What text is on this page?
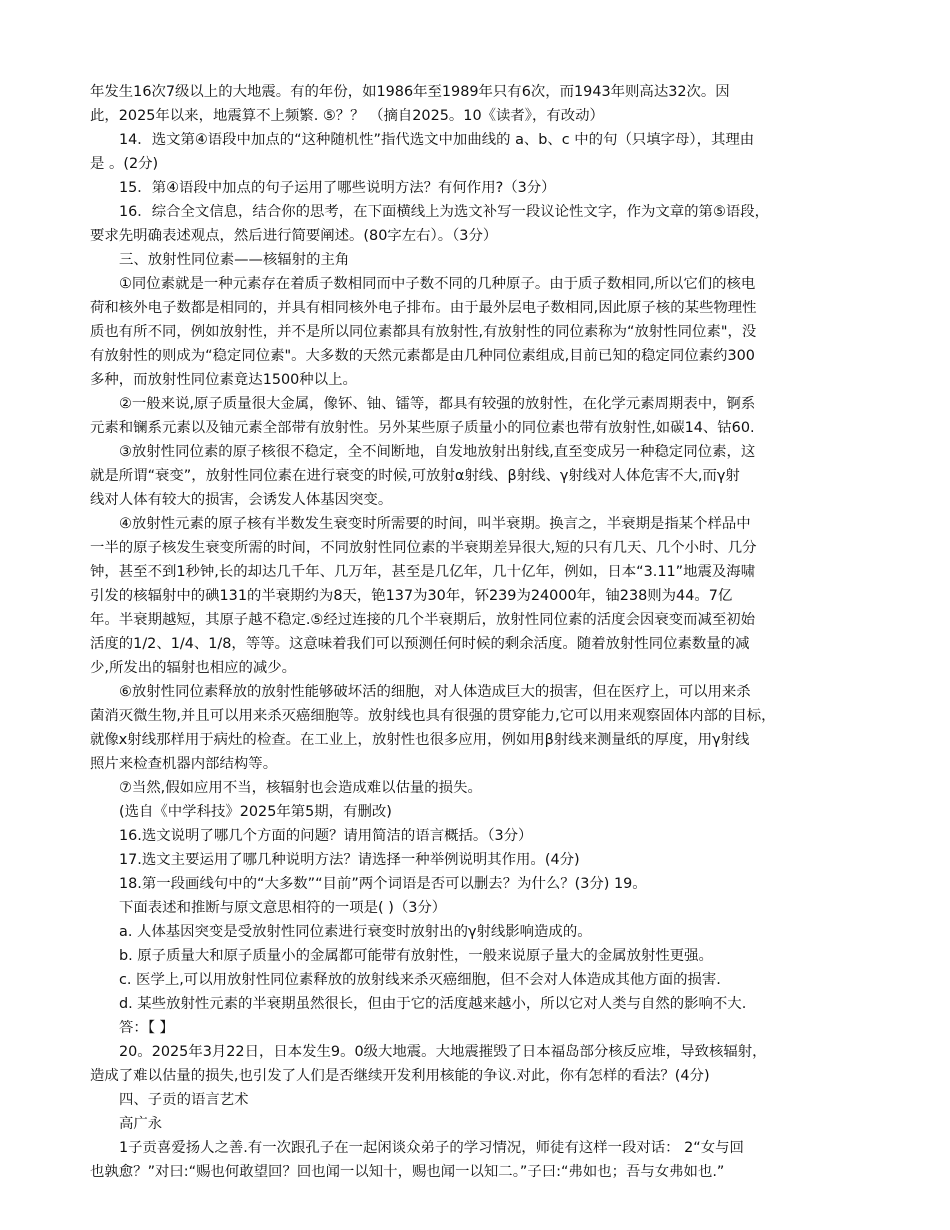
年发生16次7级以上的大地震。有的年份，如1986年至1989年只有6次，而1943年则高达32次。因
此，2025年以来，地震算不上频繁. ⑤？？ （摘自2025。10《读者》，有改动）
14．选文第④语段中加点的“这种随机性”指代选文中加曲线的 a、b、c 中的句（只填字母），其理由
是 。(2分)
15．第④语段中加点的句子运用了哪些说明方法？有何作用?（3分）
16．综合全文信息，结合你的思考，在下面横线上为选文补写一段议论性文字，作为文章的第⑤语段，
要求先明确表述观点，然后进行简要阐述。(80字左右）。（3分）
三、放射性同位素——核辐射的主角
①同位素就是一种元素存在着质子数相同而中子数不同的几种原子。由于质子数相同,所以它们的核电
荷和核外电子数都是相同的，并具有相同核外电子排布。由于最外层电子数相同,因此原子核的某些物理性
质也有所不同，例如放射性，并不是所以同位素都具有放射性,有放射性的同位素称为“放射性同位素"，没
有放射性的则成为“稳定同位素"。大多数的天然元素都是由几种同位素组成,目前已知的稳定同位素约300
多种，而放射性同位素竟达1500种以上。
②一般来说,原子质量很大金属，像钚、铀、镭等，都具有较强的放射性，在化学元素周期表中，锕系
元素和镧系元素以及铀元素全部带有放射性。另外某些原子质量小的同位素也带有放射性,如碳14、钴60.
③放射性同位素的原子核很不稳定，全不间断地，自发地放射出射线,直至变成另一种稳定同位素，这
就是所谓“衰变”，放射性同位素在进行衰变的时候,可放射α射线、β射线、γ射线对人体危害不大,而γ射
线对人体有较大的损害，会诱发人体基因突变。
④放射性元素的原子核有半数发生衰变时所需要的时间，叫半衰期。换言之，半衰期是指某个样品中
一半的原子核发生衰变所需的时间，不同放射性同位素的半衰期差异很大,短的只有几天、几个小时、几分
钟，甚至不到1秒钟,长的却达几千年、几万年，甚至是几亿年，几十亿年，例如，日本“3.11”地震及海啸
引发的核辐射中的碘131的半衰期约为8天，铯137为30年，钚239为24000年，铀238则为44。7亿
年。半衰期越短，其原子越不稳定.⑤经过连接的几个半衰期后，放射性同位素的活度会因衰变而减至初始
活度的1/2、1/4、1/8，等等。这意味着我们可以预测任何时候的剩余活度。随着放射性同位素数量的减
少,所发出的辐射也相应的减少。
⑥放射性同位素释放的放射性能够破坏活的细胞，对人体造成巨大的损害，但在医疗上，可以用来杀
菌消灭微生物,并且可以用来杀灭癌细胞等。放射线也具有很强的贯穿能力,它可以用来观察固体内部的目标，
就像x射线那样用于病灶的检查。在工业上，放射性也很多应用，例如用β射线来测量纸的厚度，用γ射线
照片来检查机器内部结构等。
⑦当然,假如应用不当，核辐射也会造成难以估量的损失。
(选自《中学科技》2025年第5期，有删改)
16.选文说明了哪几个方面的问题？请用简洁的语言概括。（3分）
17.选文主要运用了哪几种说明方法？请选择一种举例说明其作用。(4分)
18.第一段画线句中的“大多数”“目前”两个词语是否可以删去？为什么？(3分) 19。
下面表述和推断与原文意思相符的一项是( )（3分）
a. 人体基因突变是受放射性同位素进行衰变时放射出的γ射线影响造成的。
b. 原子质量大和原子质量小的金属都可能带有放射性，一般来说原子量大的金属放射性更强。
c. 医学上,可以用放射性同位素释放的放射线来杀灭癌细胞，但不会对人体造成其他方面的损害.
d. 某些放射性元素的半衰期虽然很长，但由于它的活度越来越小，所以它对人类与自然的影响不大.
答：【 】
20。2025年3月22日，日本发生9。0级大地震。大地震摧毁了日本福岛部分核反应堆，导致核辐射，
造成了难以估量的损失,也引发了人们是否继续开发利用核能的争议.对此，你有怎样的看法？(4分)
四、子贡的语言艺术
高广永
1子贡喜爱扬人之善.有一次跟孔子在一起闲谈众弟子的学习情况，师徒有这样一段对话： 2“女与回
也孰愈？”对曰:“赐也何敢望回？回也闻一以知十，赐也闻一以知二。”子曰:“弗如也；吾与女弗如也.”
